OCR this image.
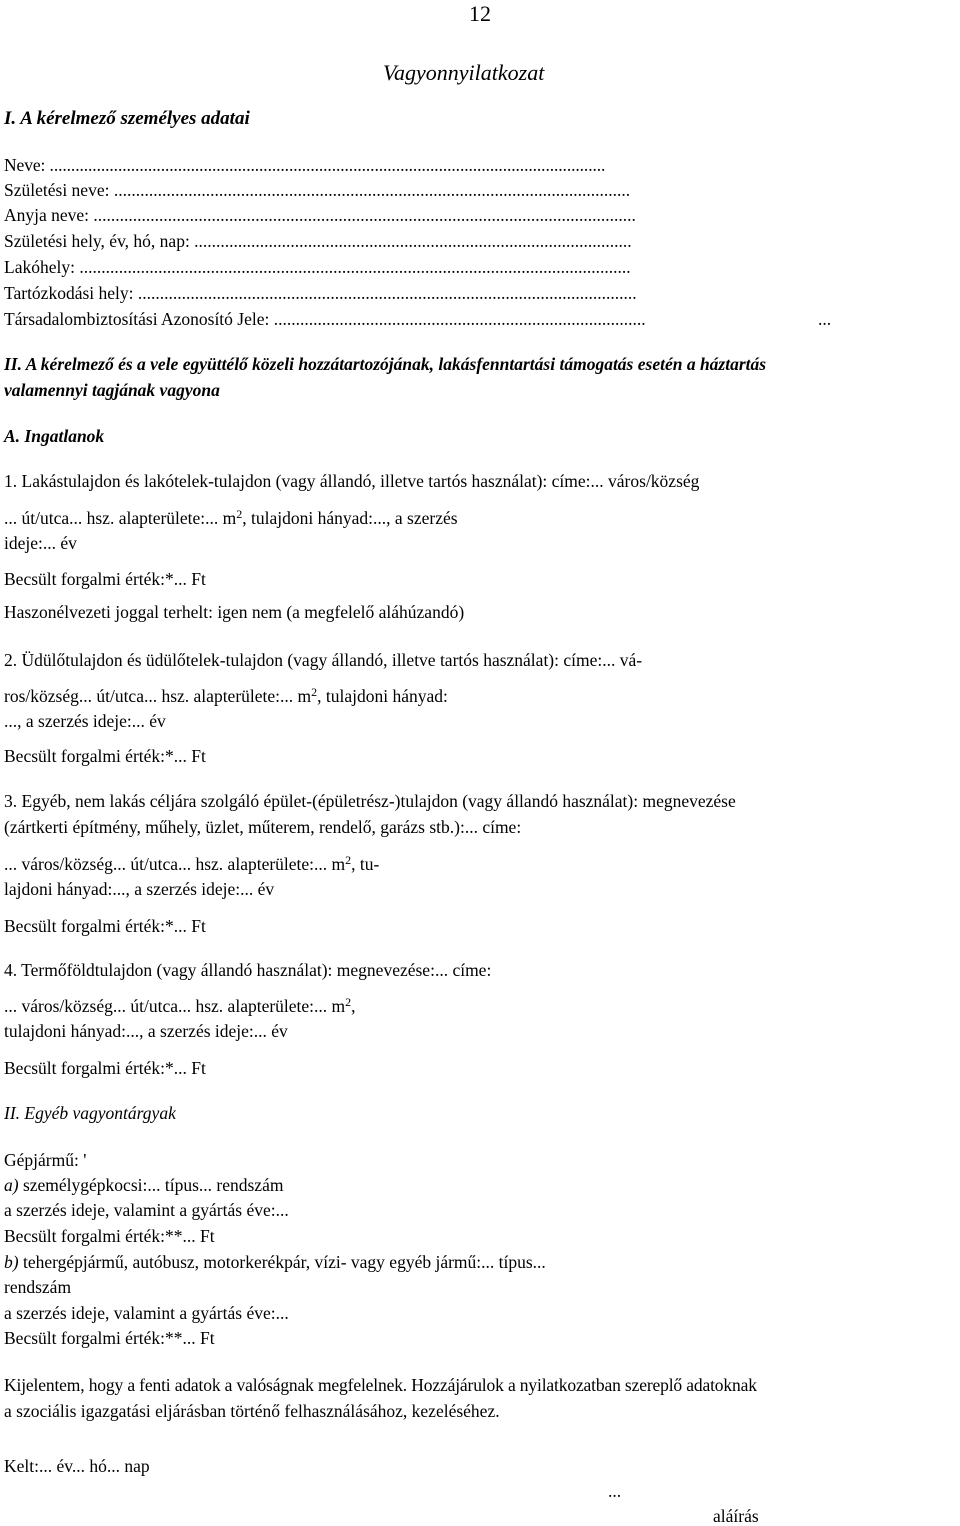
12
Vagyonnyilatkozat
I. A kérelmező személyes adatai
Neve: ..................................................................................................................................
Születési neve: ......................................................................................................................
Anyja neve: ............................................................................................................................
Születési hely, év, hó, nap: ....................................................................................................
Lakóhely: ..............................................................................................................................
Tartózkodási hely: ..................................................................................................................
Társadalombiztosítási Azonosító Jele: .....................................................................................	...
II. A kérelmező és a vele együttélő közeli hozzátartozójának, lakásfenntartási támogatás esetén a háztartás
valamennyi tagjának vagyona
A. Ingatlanok
1. Lakástulajdon és lakótelek-tulajdon (vagy állandó, illetve tartós használat): címe:... város/község
... út/utca... hsz. alapterülete:... $m^2$, tulajdoni hányad:..., a szerzés
ideje:... év
Becsült forgalmi érték:*... Ft
Haszonélvezeti joggal terhelt: igen nem (a megfelelő aláhúzandó)
2. Üdülőtulajdon és üdülőtelek-tulajdon (vagy állandó, illetve tartós használat): címe:... vá-
ros/község... út/utca... hsz. alapterülete:... $m^2$, tulajdoni hányad:
..., a szerzés ideje:... év
Becsült forgalmi érték:*... Ft
3. Egyéb, nem lakás céljára szolgáló épület-(épületrész-)tulajdon (vagy állandó használat): megnevezése
(zártkerti építmény, műhely, üzlet, műterem, rendelő, garázs stb.):... címe:
... város/község... út/utca... hsz. alapterülete:... $m^2$, tu-
lajdoni hányad:..., a szerzés ideje:... év
Becsült forgalmi érték:*... Ft
4. Termőföldtulajdon (vagy állandó használat): megnevezése:... címe:
... város/község... út/utca... hsz. alapterülete:... $m^2$,
tulajdoni hányad:..., a szerzés ideje:... év
Becsült forgalmi érték:*... Ft
II. Egyéb vagyontárgyak
Gépjármű: '
a) személygépkocsi:... típus... rendszám
a szerzés ideje, valamint a gyártás éve:...
Becsült forgalmi érték:**... Ft
b) tehergépjármű, autóbusz, motorkerékpár, vízi- vagy egyéb jármű:... típus...
rendszám
a szerzés ideje, valamint a gyártás éve:...
Becsült forgalmi érték:**... Ft
Kijelentem, hogy a fenti adatok a valóságnak megfelelnek. Hozzájárulok a nyilatkozatban szereplő adatoknak
a szociális igazgatási eljárásban történő felhasználásához, kezeléséhez.
Kelt:... év... hó... nap
...
aláírás
